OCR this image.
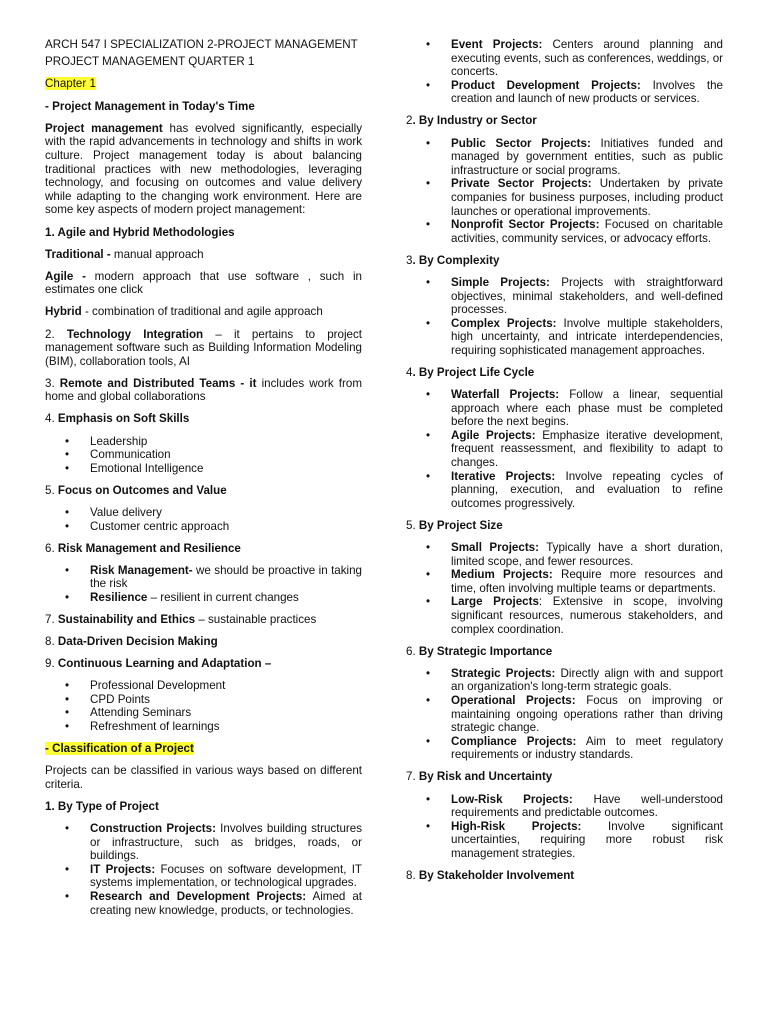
ARCH 547 I SPECIALIZATION 2-PROJECT MANAGEMENT

PROJECT MANAGEMENT QUARTER 1

Chapter 1

- Project Management in Today's Time

Project management has evolved significantly, especially with the rapid advancements in technology and shifts in work culture. Project management today is about balancing traditional practices with new methodologies, leveraging technology, and focusing on outcomes and value delivery while adapting to the changing work environment. Here are some key aspects of modern project management:

1. Agile and Hybrid Methodologies

Traditional - manual approach

Agile - modern approach that use software , such in estimates one click

Hybrid - combination of traditional and agile approach

2. Technology Integration – it pertains to project management software such as Building Information Modeling (BIM), collaboration tools, AI

3. Remote and Distributed Teams - it includes work from home and global collaborations

4. Emphasis on Soft Skills

•	Leadership
•	Communication
•	Emotional Intelligence

5. Focus on Outcomes and Value

•	Value delivery
•	Customer centric approach

6. Risk Management and Resilience

•	Risk Management- we should be proactive in taking the risk
•	Resilience – resilient in current changes

7. Sustainability and Ethics – sustainable practices

8. Data-Driven Decision Making

9. Continuous Learning and Adaptation –

•	Professional Development
•	CPD Points
•	Attending Seminars
•	Refreshment of learnings

- Classification of a Project

Projects can be classified in various ways based on different criteria.

1. By Type of Project

•	Construction Projects: Involves building structures or infrastructure, such as bridges, roads, or buildings.
•	IT Projects: Focuses on software development, IT systems implementation, or technological upgrades.
•	Research and Development Projects: Aimed at creating new knowledge, products, or technologies.
•	Event Projects: Centers around planning and executing events, such as conferences, weddings, or concerts.
•	Product Development Projects: Involves the creation and launch of new products or services.

2. By Industry or Sector

•	Public Sector Projects: Initiatives funded and managed by government entities, such as public infrastructure or social programs.
•	Private Sector Projects: Undertaken by private companies for business purposes, including product launches or operational improvements.
•	Nonprofit Sector Projects: Focused on charitable activities, community services, or advocacy efforts.

3. By Complexity

•	Simple Projects: Projects with straightforward objectives, minimal stakeholders, and well-defined processes.
•	Complex Projects: Involve multiple stakeholders, high uncertainty, and intricate interdependencies, requiring sophisticated management approaches.

4. By Project Life Cycle

•	Waterfall Projects: Follow a linear, sequential approach where each phase must be completed before the next begins.
•	Agile Projects: Emphasize iterative development, frequent reassessment, and flexibility to adapt to changes.
•	Iterative Projects: Involve repeating cycles of planning, execution, and evaluation to refine outcomes progressively.

5. By Project Size

•	Small Projects: Typically have a short duration, limited scope, and fewer resources.
•	Medium Projects: Require more resources and time, often involving multiple teams or departments.
•	Large Projects: Extensive in scope, involving significant resources, numerous stakeholders, and complex coordination.

6. By Strategic Importance

•	Strategic Projects: Directly align with and support an organization's long-term strategic goals.
•	Operational Projects: Focus on improving or maintaining ongoing operations rather than driving strategic change.
•	Compliance Projects: Aim to meet regulatory requirements or industry standards.

7. By Risk and Uncertainty

•	Low-Risk Projects: Have well-understood requirements and predictable outcomes.
•	High-Risk Projects: Involve significant uncertainties, requiring more robust risk management strategies.

8. By Stakeholder Involvement
